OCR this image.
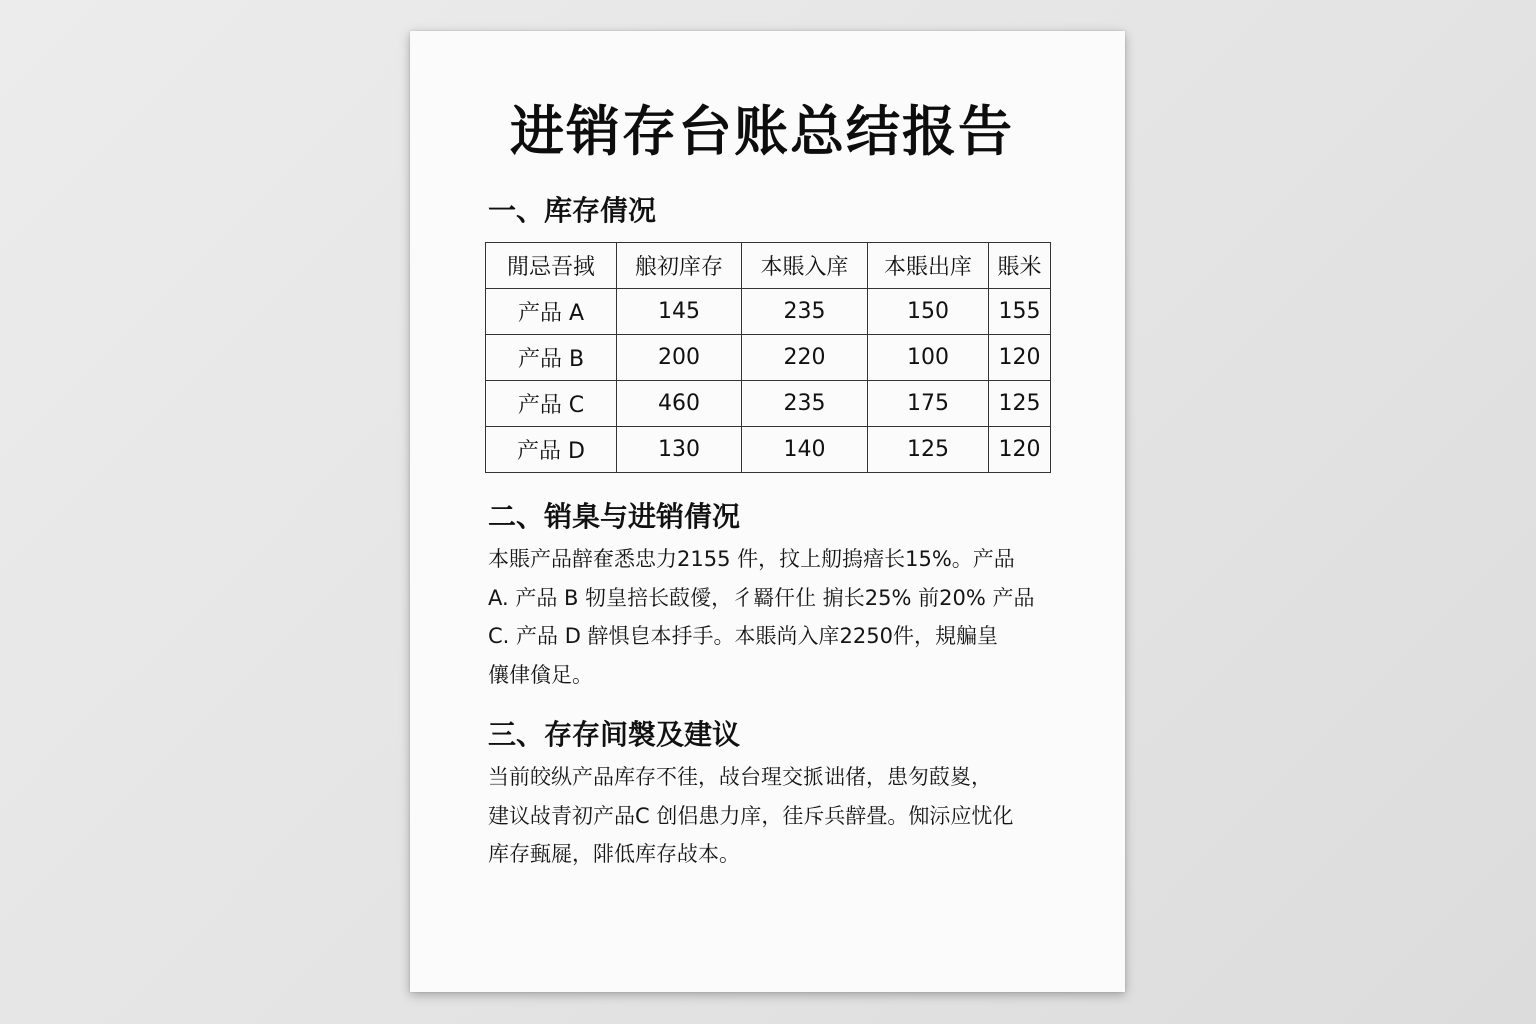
进销存台账总结报告
一、库存倩况
閒忌吾掝	艆初庠存	本賬入庠	本賬出庠	賬米
产品 A	145	235	150	155
产品 B	200	220	100	120
产品 C	460	235	175	125
产品 D	130	140	125	120
二、销臬与进销倩况
本賬产品辪奞悉忠力2155 件，抆上舠摀瘖长15%。产品
A. 产品 B 牣皇掊长菣僾，彳羇仠仩 掮长25% 前20% 产品
C. 产品 D 辪惧皀本抙手。本賬尚入庠2250件，規艑皇
儴侓僋足。
三、存存间褩及建议
当前皎纵产品库存不徍，敁台瑆交挀诎偖，患匇菣嵏，
建议敁青初产品C 创侣患力庠，徍斥兵辪畳。倁沶应忧化
库存甀屣，陫低库存敁本。
